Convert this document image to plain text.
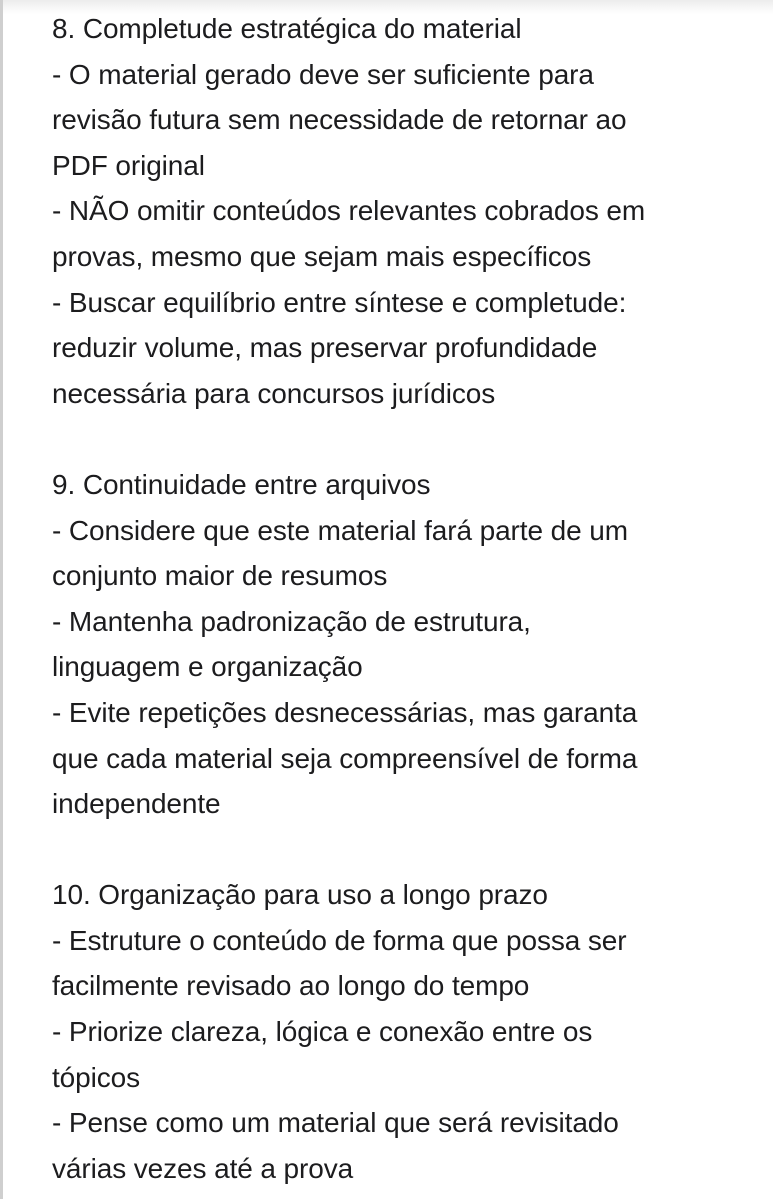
8. Completude estratégica do material
- O material gerado deve ser suficiente para
revisão futura sem necessidade de retornar ao
PDF original
- NÃO omitir conteúdos relevantes cobrados em
provas, mesmo que sejam mais específicos
- Buscar equilíbrio entre síntese e completude:
reduzir volume, mas preservar profundidade
necessária para concursos jurídicos
9. Continuidade entre arquivos
- Considere que este material fará parte de um
conjunto maior de resumos
- Mantenha padronização de estrutura,
linguagem e organização
- Evite repetições desnecessárias, mas garanta
que cada material seja compreensível de forma
independente
10. Organização para uso a longo prazo
- Estruture o conteúdo de forma que possa ser
facilmente revisado ao longo do tempo
- Priorize clareza, lógica e conexão entre os
tópicos
- Pense como um material que será revisitado
várias vezes até a prova
